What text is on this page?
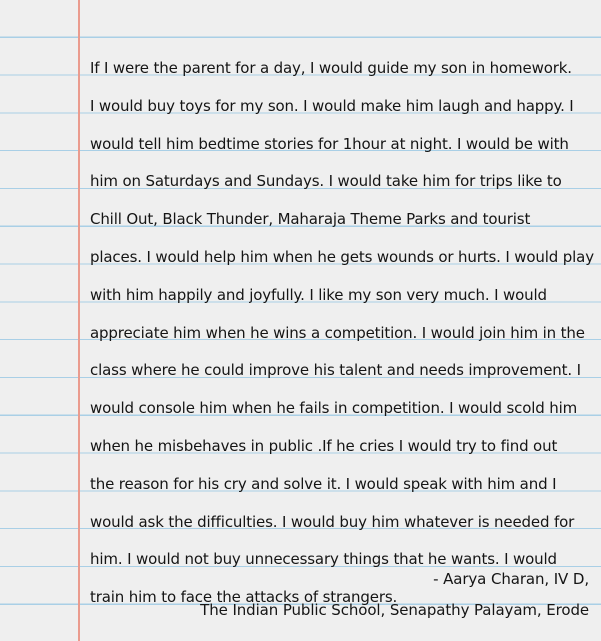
If I were the parent for a day, I would guide my son in homework.
I would buy toys for my son. I would make him laugh and happy. I
would tell him bedtime stories for 1hour at night. I would be with
him on Saturdays and Sundays. I would take him for trips like to
Chill Out, Black Thunder, Maharaja Theme Parks and tourist
places. I would help him when he gets wounds or hurts. I would play
with him happily and joyfully. I like my son very much. I would
appreciate him when he wins a competition. I would join him in the
class where he could improve his talent and needs improvement. I
would console him when he fails in competition. I would scold him
when he misbehaves in public .If he cries I would try to find out
the reason for his cry and solve it. I would speak with him and I
would ask the difficulties. I would buy him whatever is needed for
him. I would not buy unnecessary things that he wants. I would
train him to face the attacks of strangers.
- Aarya Charan, IV D,
The Indian Public School, Senapathy Palayam, Erode
